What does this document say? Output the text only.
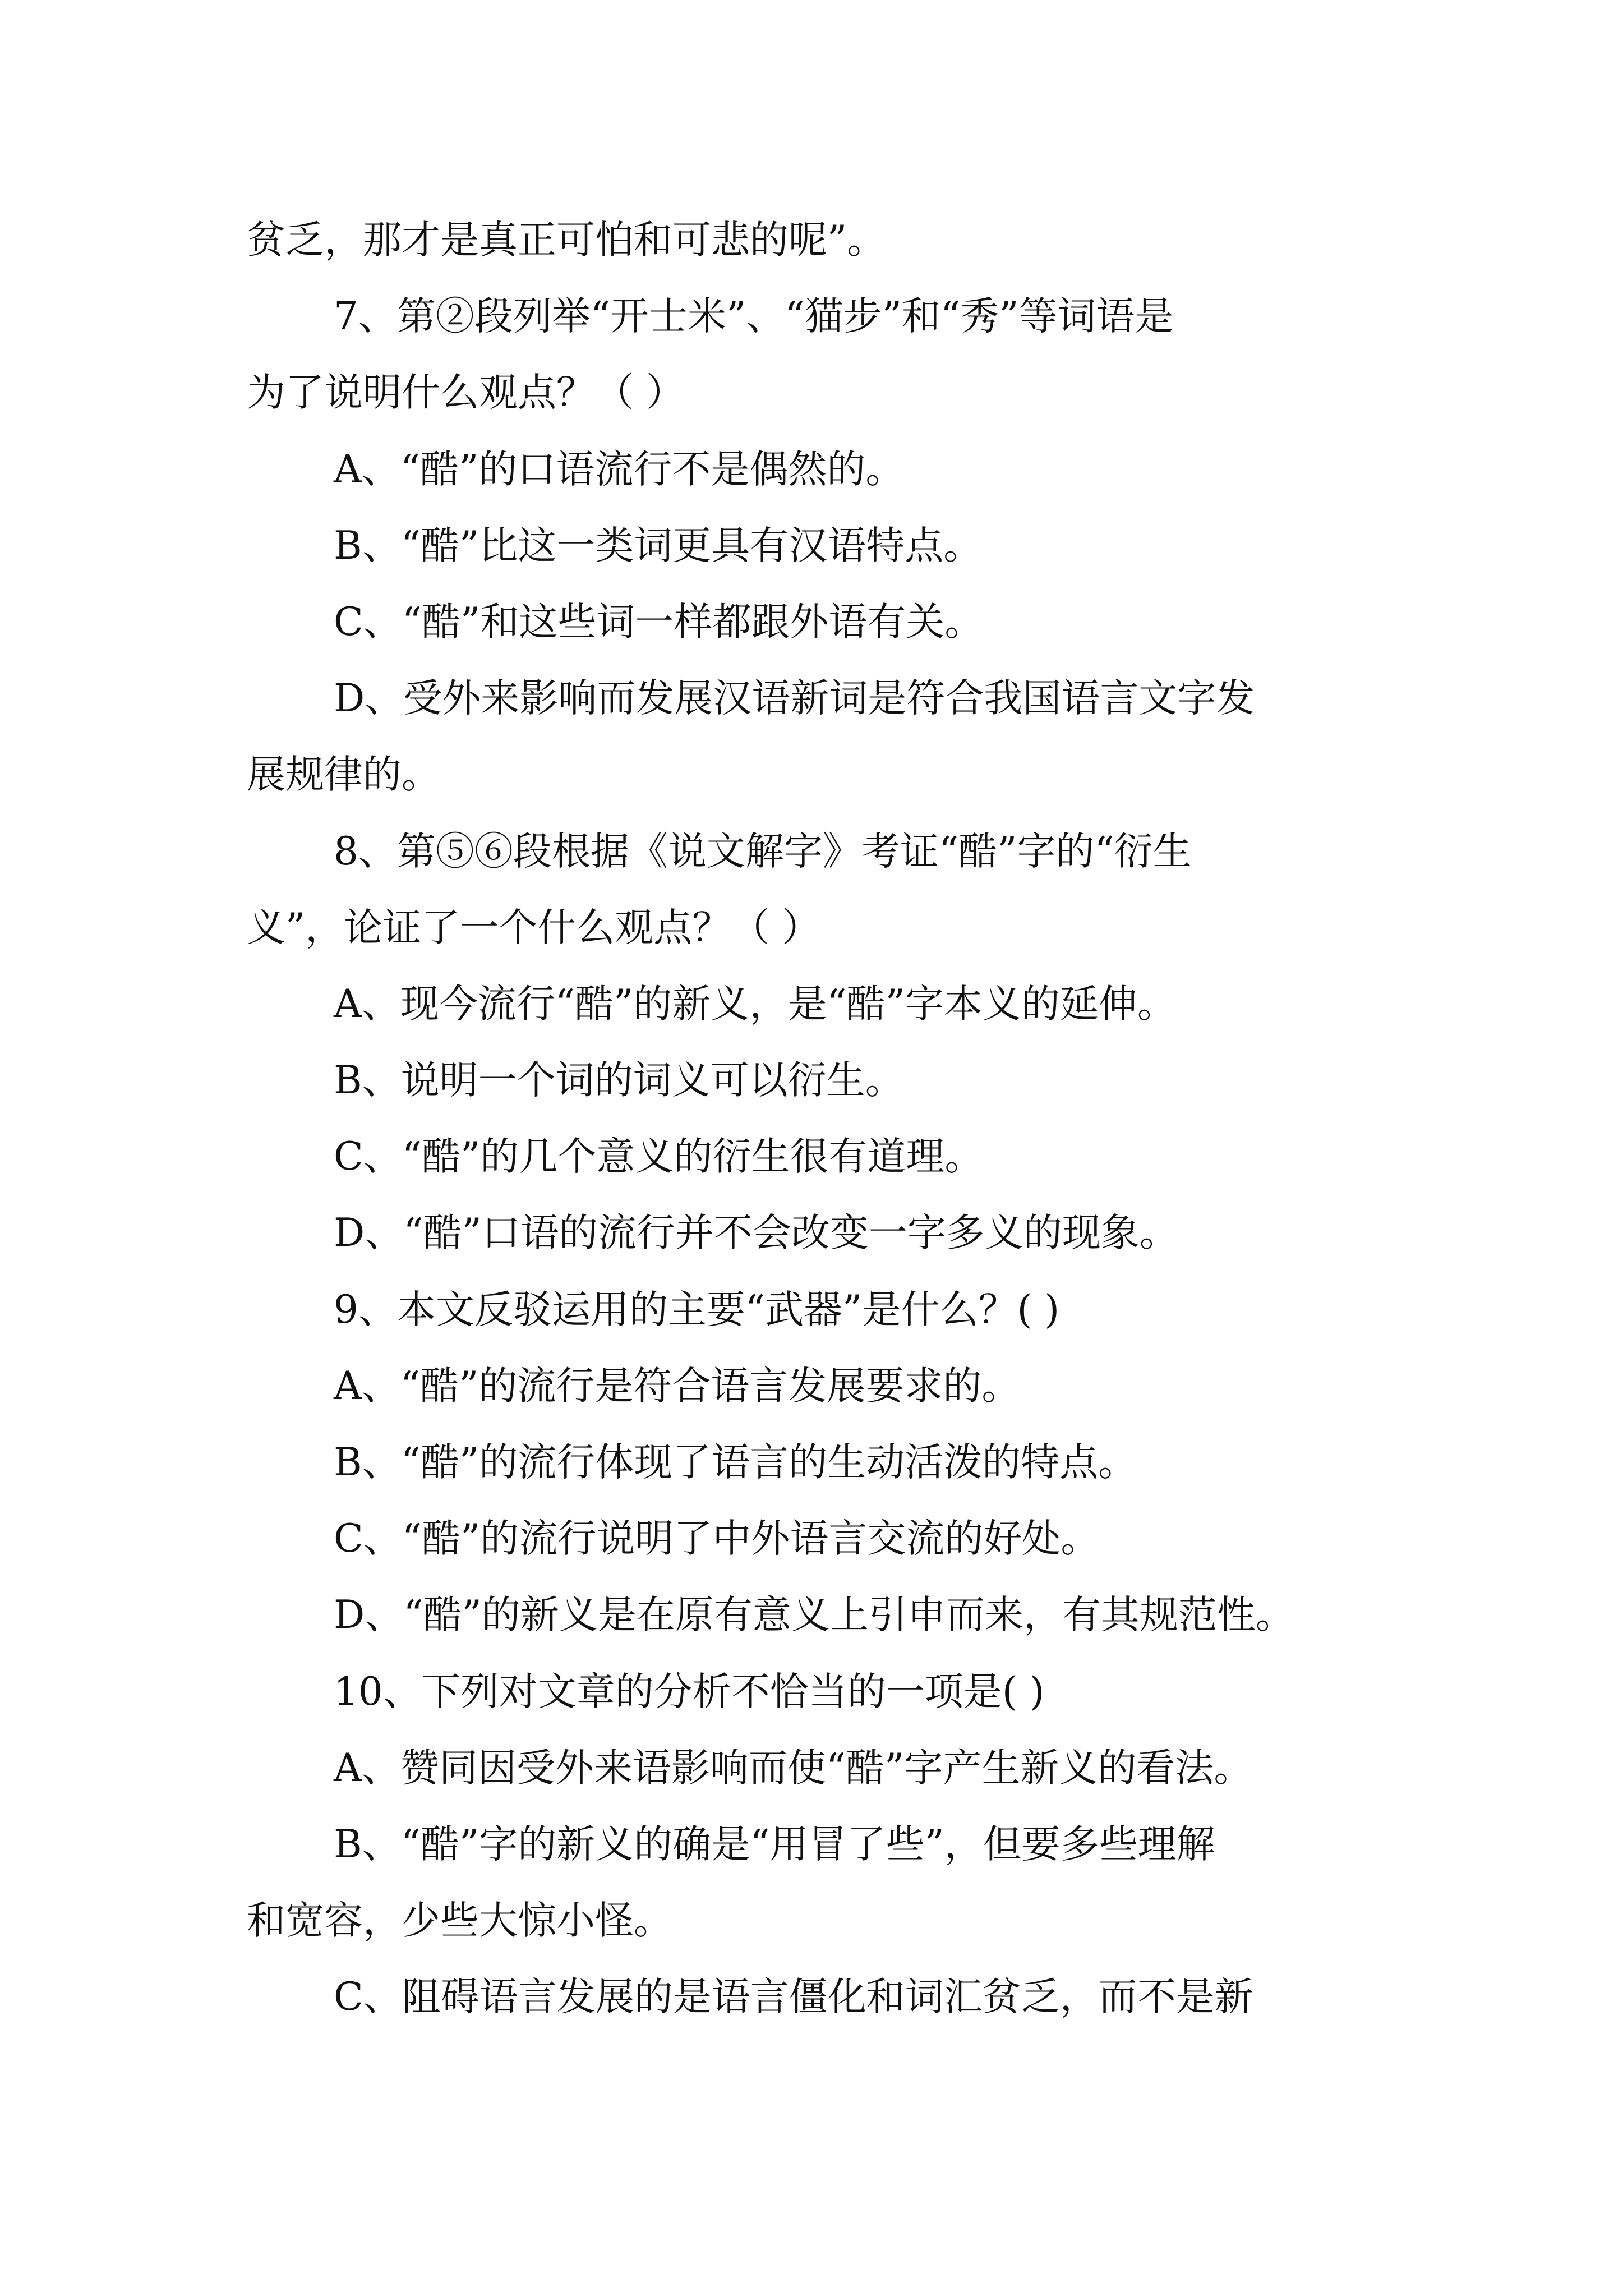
贫乏，那才是真正可怕和可悲的呢”。

7、第②段列举“开士米”、“猫步”和“秀”等词语是

为了说明什么观点？（ ）

A、“酷”的口语流行不是偶然的。

B、“酷”比这一类词更具有汉语特点。

C、“酷”和这些词一样都跟外语有关。

D、受外来影响而发展汉语新词是符合我国语言文字发

展规律的。

8、第⑤⑥段根据《说文解字》考证“酷”字的“衍生

义”，论证了一个什么观点？（ ）

A、现今流行“酷”的新义，是“酷”字本义的延伸。

B、说明一个词的词义可以衍生。

C、“酷”的几个意义的衍生很有道理。

D、“酷”口语的流行并不会改变一字多义的现象。

9、本文反驳运用的主要“武器”是什么？( )

A、“酷”的流行是符合语言发展要求的。

B、“酷”的流行体现了语言的生动活泼的特点。

C、“酷”的流行说明了中外语言交流的好处。

D、“酷”的新义是在原有意义上引申而来，有其规范性。

10、下列对文章的分析不恰当的一项是( )

A、赞同因受外来语影响而使“酷”字产生新义的看法。

B、“酷”字的新义的确是“用冒了些”，但要多些理解

和宽容，少些大惊小怪。

C、阻碍语言发展的是语言僵化和词汇贫乏，而不是新
